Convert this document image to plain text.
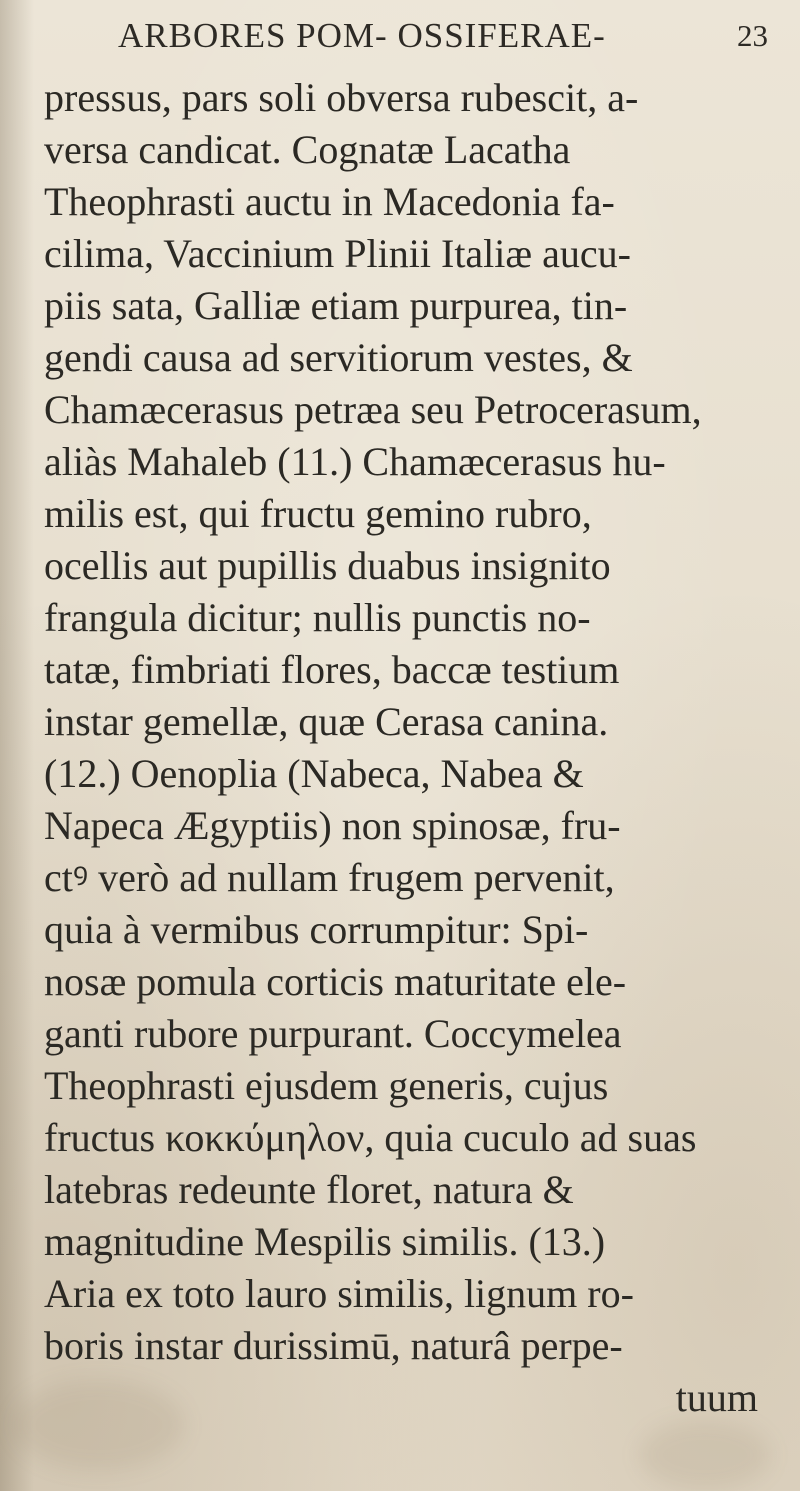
ARBORES POM- OSSIFERAE-	23
pressus, pars soli obversa rubescit, a-
versa candicat. Cognatæ Lacatha
Theophrasti auctu in Macedonia fa-
cilima, Vaccinium Plinii Italiæ aucu-
piis sata, Galliæ etiam purpurea, tin-
gendi causa ad servitiorum vestes, &
Chamæcerasus petræa seu Petrocerasum,
aliàs Mahaleb (11.) Chamæcerasus hu-
milis est, qui fructu gemino rubro,
ocellis aut pupillis duabus insignito
frangula dicitur; nullis punctis no-
tatæ, fimbriati flores, baccæ testium
instar gemellæ, quæ Cerasa canina.
(12.) Oenoplia (Nabeca, Nabea &
Napeca Ægyptiis) non spinosæ, fru-
ctꝰ verò ad nullam frugem pervenit,
quia à vermibus corrumpitur: Spi-
nosæ pomula corticis maturitate ele-
ganti rubore purpurant. Coccymelea
Theophrasti ejusdem generis, cujus
fructus κοκκύμηλον, quia cuculo ad suas
latebras redeunte floret, natura &
magnitudine Mespilis similis. (13.)
Aria ex toto lauro similis, lignum ro-
boris instar durissimū, naturâ perpe-
tuum
